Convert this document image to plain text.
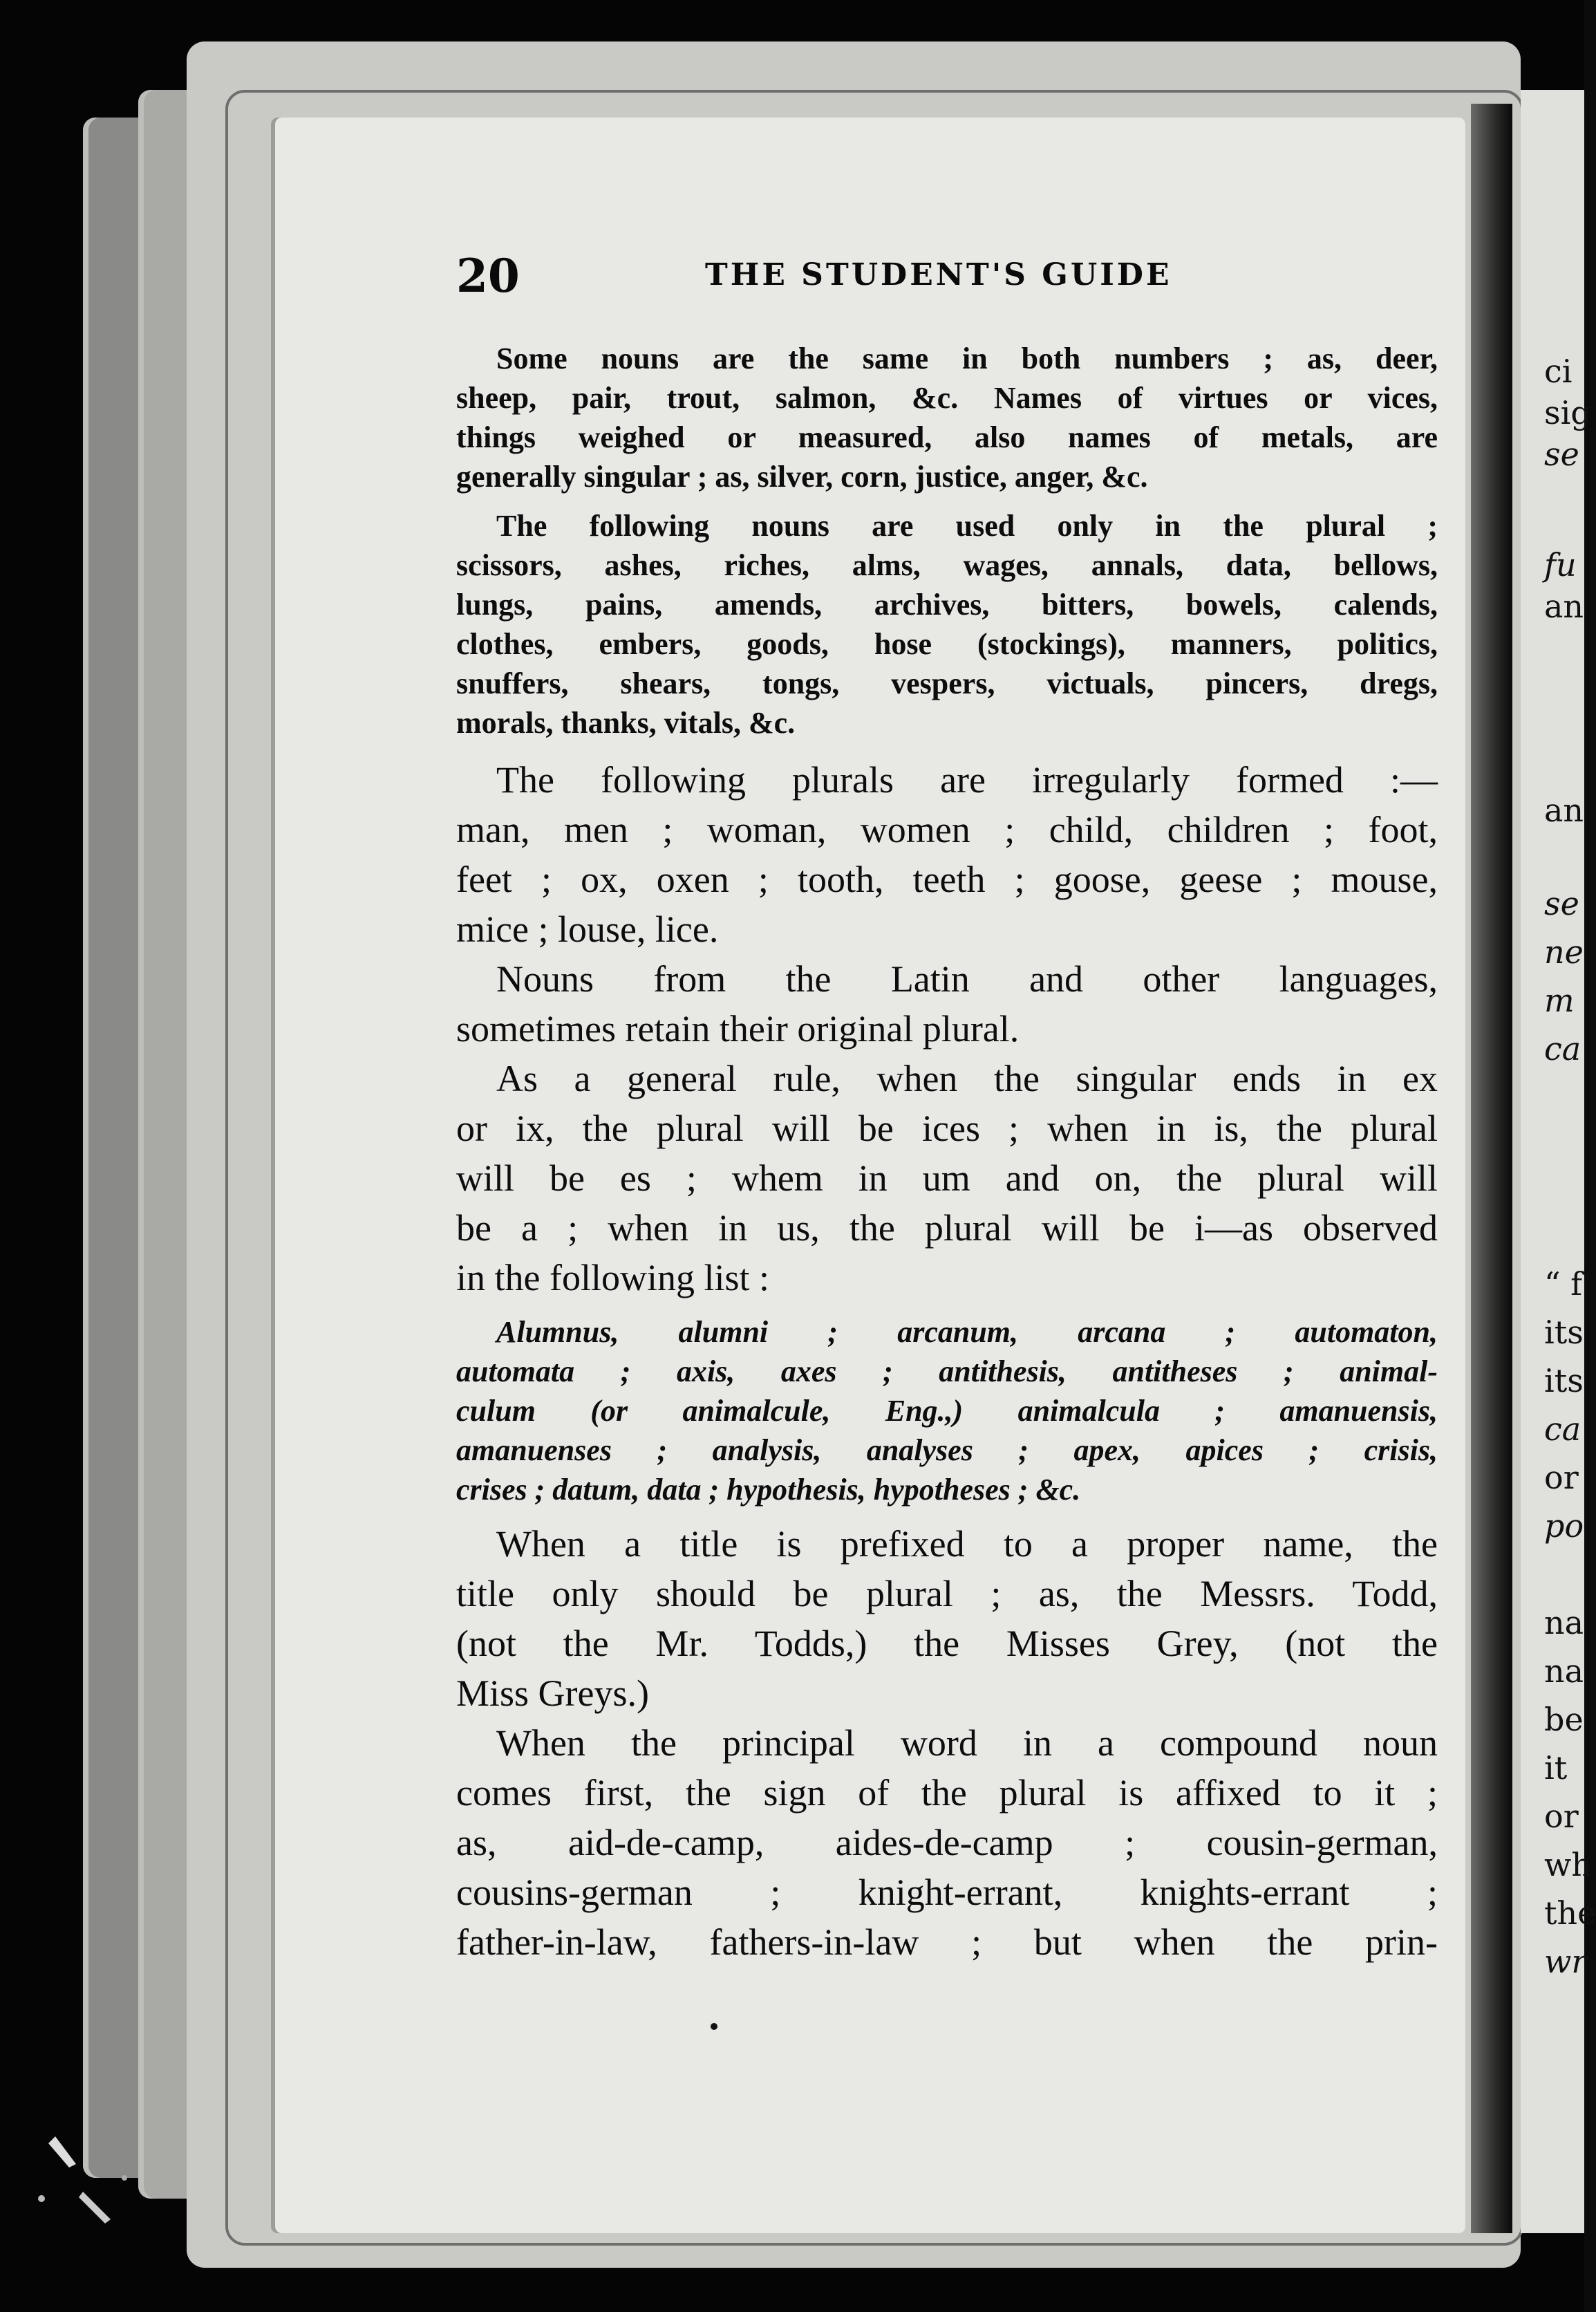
ci
sig
se
fu
an
an
se
ne
m
ca
“ f
its
its
ca
or
po
na
na
be
it
or
wh
the
wr
20	THE STUDENT'S GUIDE

Some nouns are the same in both numbers ; as, deer,
sheep, pair, trout, salmon, &c. Names of virtues or vices,
things weighed or measured, also names of metals, are
generally singular ; as, silver, corn, justice, anger, &c.

The following nouns are used only in the plural ;
scissors, ashes, riches, alms, wages, annals, data, bellows,
lungs, pains, amends, archives, bitters, bowels, calends,
clothes, embers, goods, hose (stockings), manners, politics,
snuffers, shears, tongs, vespers, victuals, pincers, dregs,
morals, thanks, vitals, &c.

The following plurals are irregularly formed :—
man, men ; woman, women ; child, children ; foot,
feet ; ox, oxen ; tooth, teeth ; goose, geese ; mouse,
mice ; louse, lice.

Nouns from the Latin and other languages,
sometimes retain their original plural.

As a general rule, when the singular ends in ex
or ix, the plural will be ices ; when in is, the plural
will be es ; whem in um and on, the plural will
be a ; when in us, the plural will be i—as observed
in the following list :

Alumnus, alumni ; arcanum, arcana ; automaton,
automata ; axis, axes ; antithesis, antitheses ; animal-
culum (or animalcule, Eng.,) animalcula ; amanuensis,
amanuenses ; analysis, analyses ; apex, apices ; crisis,
crises ; datum, data ; hypothesis, hypotheses ; &c.

When a title is prefixed to a proper name, the
title only should be plural ; as, the Messrs. Todd,
(not the Mr. Todds,) the Misses Grey, (not the
Miss Greys.)

When the principal word in a compound noun
comes first, the sign of the plural is affixed to it ;
as, aid-de-camp, aides-de-camp ; cousin-german,
cousins-german ; knight-errant, knights-errant ;
father-in-law, fathers-in-law ; but when the prin-
